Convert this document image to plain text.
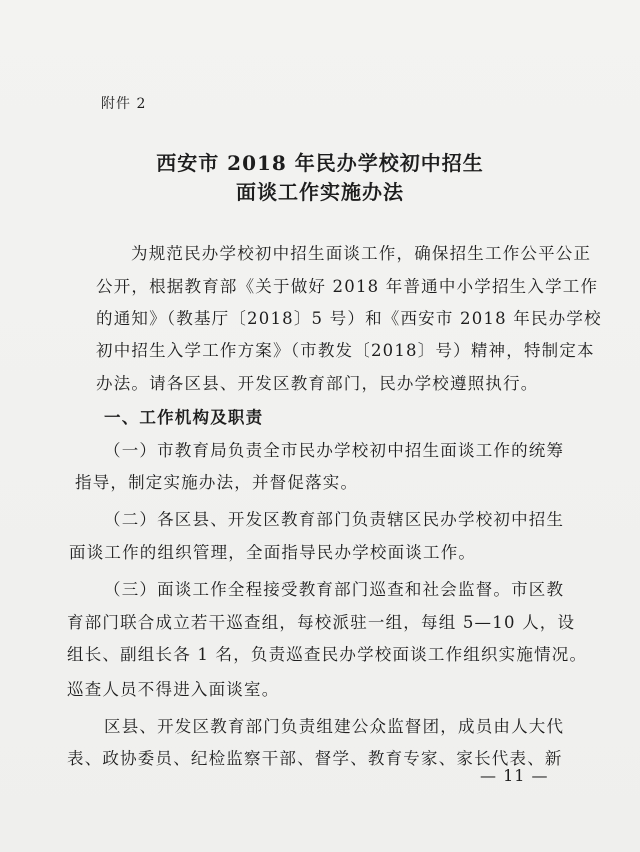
附件 2
西安市 2018 年民办学校初中招生
面谈工作实施办法
为规范民办学校初中招生面谈工作，确保招生工作公平公正
公开，根据教育部《关于做好 2018 年普通中小学招生入学工作
的通知》（教基厅〔2018〕5 号）和《西安市 2018 年民办学校
初中招生入学工作方案》（市教发〔2018〕号）精神，特制定本
办法。请各区县、开发区教育部门，民办学校遵照执行。
一、工作机构及职责
（一）市教育局负责全市民办学校初中招生面谈工作的统筹
指导，制定实施办法，并督促落实。
（二）各区县、开发区教育部门负责辖区民办学校初中招生
面谈工作的组织管理，全面指导民办学校面谈工作。
（三）面谈工作全程接受教育部门巡查和社会监督。市区教
育部门联合成立若干巡查组，每校派驻一组，每组 5—10 人，设
组长、副组长各 1 名，负责巡查民办学校面谈工作组织实施情况。
巡查人员不得进入面谈室。
区县、开发区教育部门负责组建公众监督团，成员由人大代
表、政协委员、纪检监察干部、督学、教育专家、家长代表、新
— 11 —
